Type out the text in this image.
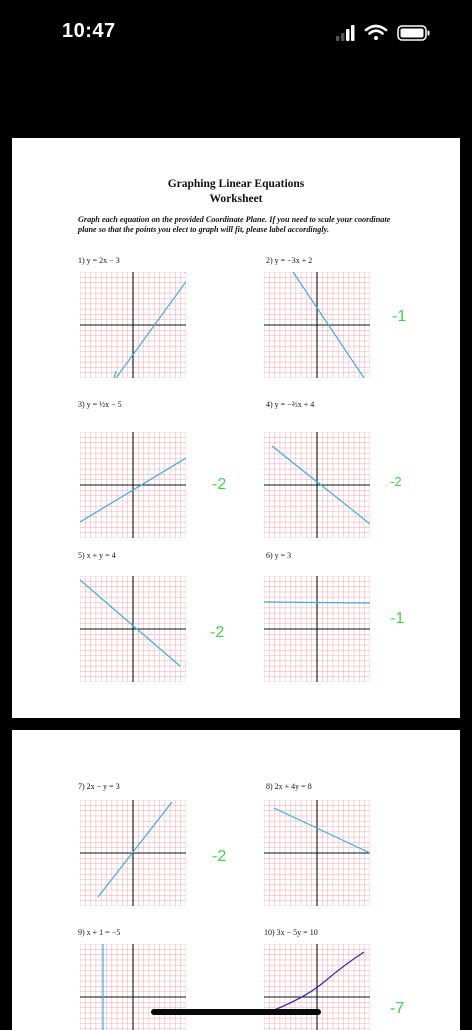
10:47
Graphing Linear Equations
Worksheet
Graph each equation on the provided Coordinate Plane. If you need to scale your coordinate plane so that the points you elect to graph will fit, please label accordingly.
1) y = 2x − 3	2) y = −3x + 2
-1
3) y = ½x − 5
-2
4) y = −⅔x + 4
-2
5) x + y = 4
-2
6) y = 3
-1
7) 2x − y = 3
-2
8) 2x + 4y = 8
9) x + 1 = −5	10) 3x − 5y = 10
-7
